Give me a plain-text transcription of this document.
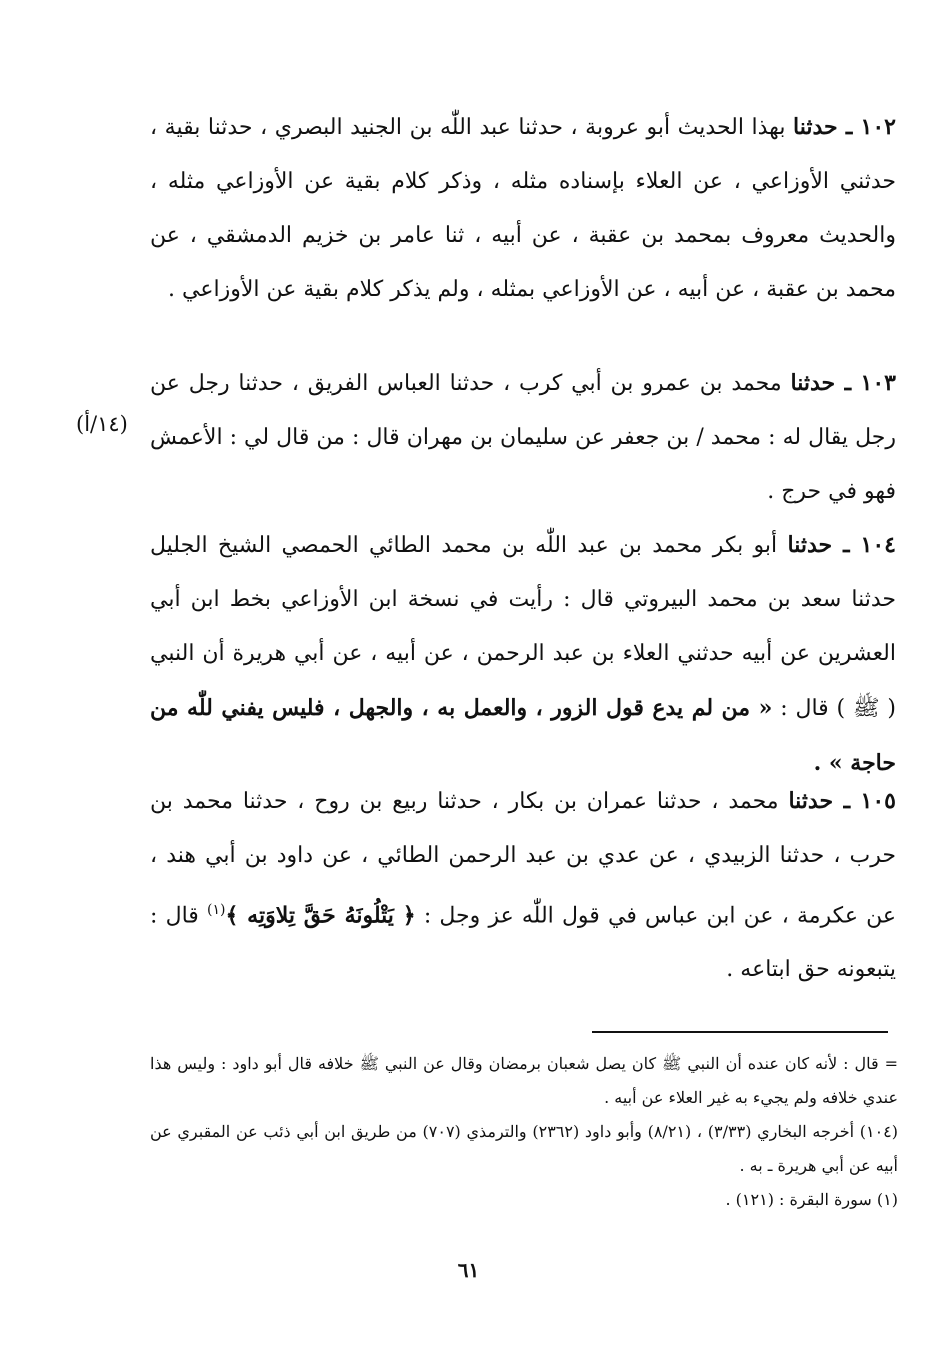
١٠٢ ـ حدثنا بهذا الحديث أبو عروبة ، حدثنا عبد اللّٰه بن الجنيد البصري ، حدثنا بقية ، حدثني الأوزاعي ، عن العلاء بإسناده مثله ، وذكر كلام بقية عن الأوزاعي مثله ، والحديث معروف بمحمد بن عقبة ، عن أبيه ، ثنا عامر بن خزيم الدمشقي ، عن محمد بن عقبة ، عن أبيه ، عن الأوزاعي بمثله ، ولم يذكر كلام بقية عن الأوزاعي .

١٠٣ ـ حدثنا محمد بن عمرو بن أبي كرب ، حدثنا العباس الفريق ، حدثنا رجل عن رجل يقال له : محمد / بن جعفر عن سليمان بن مهران قال : من قال لي : الأعمش فهو في حرج .

(١٤/أ)

١٠٤ ـ حدثنا أبو بكر محمد بن عبد اللّٰه بن محمد الطائي الحمصي الشيخ الجليل حدثنا سعد بن محمد البيروتي قال : رأيت في نسخة ابن الأوزاعي بخط ابن أبي العشرين عن أبيه حدثني العلاء بن عبد الرحمن ، عن أبيه ، عن أبي هريرة أن النبي ( ﷺ ) قال : « من لم يدع قول الزور ، والعمل به ، والجهل ، فليس يفني للّٰه من حاجة » .

١٠٥ ـ حدثنا محمد ، حدثنا عمران بن بكار ، حدثنا ربيع بن روح ، حدثنا محمد بن حرب ، حدثنا الزبيدي ، عن عدي بن عبد الرحمن الطائي ، عن داود بن أبي هند ، عن عكرمة ، عن ابن عباس في قول اللّٰه عز وجل : ﴿ يَتْلُونَهُ حَقَّ تِلاوَتِه ﴾$^{(١)}$ قال : يتبعونه حق ابتاعه .

= قال : لأنه كان عنده أن النبي ﷺ كان يصل شعبان برمضان وقال عن النبي ﷺ خلافه قال أبو داود : وليس هذا عندي خلافه ولم يجيء به غير العلاء عن أبيه .

(١٠٤) أخرجه البخاري (٣/٣٣) ، (٨/٢١) وأبو داود (٢٣٦٢) والترمذي (٧٠٧) من طريق ابن أبي ذئب عن المقبري عن أبيه عن أبي هريرة ـ به .

(١) سورة البقرة : (١٢١) .

٦١
